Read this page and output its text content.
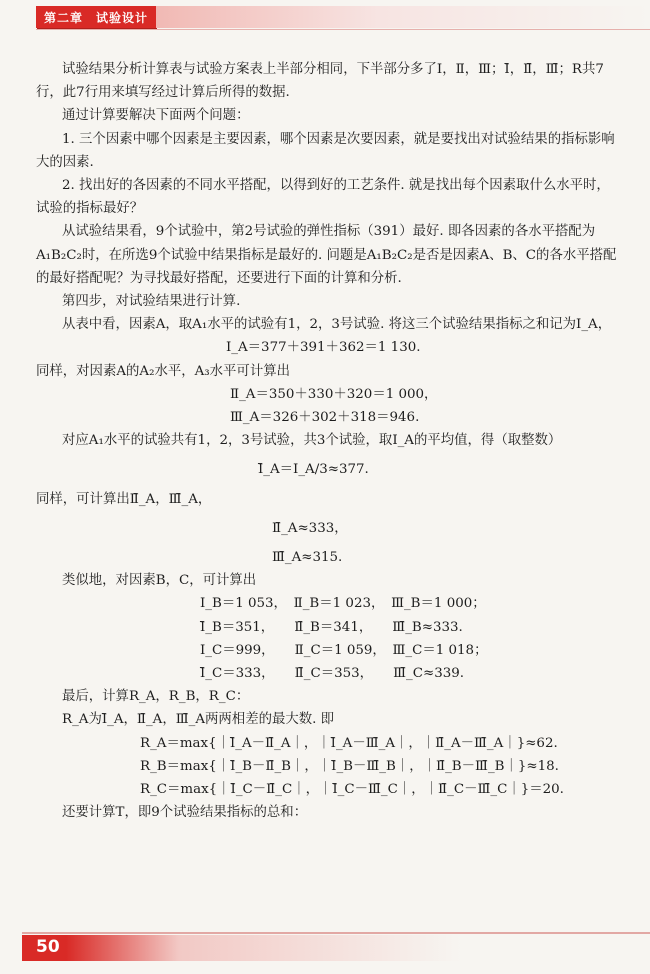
第二章　试验设计

试验结果分析计算表与试验方案表上半部分相同，下半部分多了Ⅰ，Ⅱ，Ⅲ；Ⅰ̄，Ⅱ̄，Ⅲ̄；R共7行，此7行用来填写经过计算后所得的数据.

通过计算要解决下面两个问题：

1. 三个因素中哪个因素是主要因素，哪个因素是次要因素，就是要找出对试验结果的指标影响大的因素.

2. 找出好的各因素的不同水平搭配，以得到好的工艺条件. 就是找出每个因素取什么水平时，试验的指标最好？

从试验结果看，9个试验中，第2号试验的弹性指标（391）最好. 即各因素的各水平搭配为A₁B₂C₂时，在所选9个试验中结果指标是最好的. 问题是A₁B₂C₂是否是因素A、B、C的各水平搭配的最好搭配呢？为寻找最好搭配，还要进行下面的计算和分析.

第四步，对试验结果进行计算.

从表中看，因素A，取A₁水平的试验有1，2，3号试验. 将这三个试验结果指标之和记为Ⅰ_A，

Ⅰ_A＝377＋391＋362＝1 130.

同样，对因素A的A₂水平，A₃水平可计算出

Ⅱ_A＝350＋330＋320＝1 000，

Ⅲ_A＝326＋302＋318＝946.

对应A₁水平的试验共有1，2，3号试验，共3个试验，取Ⅰ_A的平均值，得（取整数）

Ⅰ̄_A＝Ⅰ_A/3≈377.

同样，可计算出Ⅱ̄_A，Ⅲ̄_A，

Ⅱ̄_A≈333，

Ⅲ̄_A≈315.

类似地，对因素B，C，可计算出

Ⅰ_B＝1 053，　Ⅱ_B＝1 023，　Ⅲ_B＝1 000；

Ⅰ̄_B＝351，　　Ⅱ̄_B＝341，　　Ⅲ̄_B≈333.

Ⅰ_C＝999，　　Ⅱ_C＝1 059，　Ⅲ_C＝1 018；

Ⅰ̄_C＝333，　　Ⅱ̄_C＝353，　　Ⅲ̄_C≈339.

最后，计算R_A，R_B，R_C：

R_A为Ⅰ̄_A，Ⅱ̄_A，Ⅲ̄_A两两相差的最大数. 即

R_A＝max{｜Ⅰ̄_A－Ⅱ̄_A｜，｜Ⅰ̄_A－Ⅲ̄_A｜，｜Ⅱ̄_A－Ⅲ̄_A｜}≈62.

R_B＝max{｜Ⅰ̄_B－Ⅱ̄_B｜，｜Ⅰ̄_B－Ⅲ̄_B｜，｜Ⅱ̄_B－Ⅲ̄_B｜}≈18.

R_C＝max{｜Ⅰ̄_C－Ⅱ̄_C｜，｜Ⅰ̄_C－Ⅲ̄_C｜，｜Ⅱ̄_C－Ⅲ̄_C｜}＝20.

还要计算T，即9个试验结果指标的总和：

50
